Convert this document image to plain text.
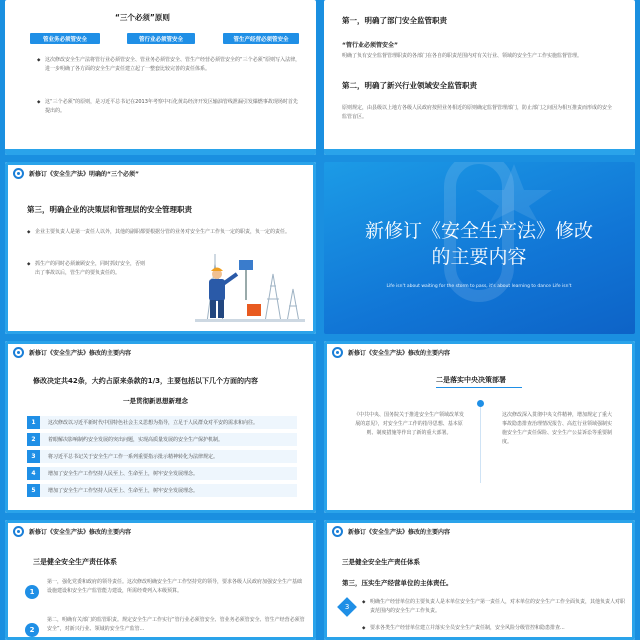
“三个必须”原则
管业务必须管安全	管行业必须管安全	管生产经营必须管安全
◆ 这次修改安全生产法将管行业必须管安全、管业务必须管安全、管生产经营必须管安全的“三个必须”原则写入法律，进一步明确了各方面的安全生产责任建立起了一整套比较完善的责任体系。
◆ 这“三个必须”的原则，是习近平总书记在2013年考察中石化黄岛经济开发区输油管线泄漏引发爆燃事故现场时首先提出的。
第一，明确了部门安全监管职责
“管行业必须管安全”
明确了负有安全监督管理职责的各部门在各自的职责范围内对有关行业、领域的安全生产工作实施监督管理。
第二，明确了新兴行业领域安全监管职责
原则规定，由县级以上地方各级人民政府按照业务相近的原则确定监督管理部门，防止部门之间因为相互推责而形成的安全监管盲区。
新修订《安全生产法》明确的“三个必须”
第三，明确企业的决策层和管理层的安全管理职责
◆ 企业主要负责人是第一责任人以外，其他的副职都要根据分管的业务对安全生产工作负一定的职责，负一定的责任。
◆ 抓生产的同时必须兼顾安全，同时抓好安全，否则出了事故以后，管生产的要负责任的。
新修订《安全生产法》修改
的主要内容
Life isn't about waiting for the storm to pass, it's about learning to dance Life isn't
新修订《安全生产法》修改的主要内容
修改决定共42条，大约占原来条款的1/3，主要包括以下几个方面的内容
一是贯彻新思想新理念
1	这次修改以习近平新时代中国特色社会主义思想为指导，立足于人民群众对平安的需求和向往。
2	着眼解决影响制约安全发展的突出问题，实现高质量发展的安全生产保护机制。
3	将习近平总书记关于安全生产工作一系列重要指示批示精神转化为法律规定。
4	增加了安全生产工作坚持人民至上、生命至上，树牢安全发展理念。
5	增加了安全生产工作坚持人民至上、生命至上，树牢安全发展理念。
新修订《安全生产法》修改的主要内容
二是落实中央决策部署
《中共中央、国务院关于推进安全生产领域改革发展的意见》，对安全生产工作的指导思想、基本原则、制度措施等作出了新的重大部署。
这次修改深入贯彻中央文件精神，增加规定了重大事故隐患排查治理情况报告、高危行业领域强制实施安全生产责任保险、安全生产公益诉讼等重要制度。
新修订《安全生产法》修改的主要内容
三是健全安全生产责任体系
1
第一，强化党委和政府的领导责任。这次修改明确安全生产工作坚持党的领导，要求各级人民政府加强安全生产基础设施建设和安全生产监管能力建设，所需经费列入本级预算。
2
第二，明确有关部门的监管职责。规定安全生产工作实行“管行业必须管安全、管业务必须管安全、管生产经营必须管安全”，对新兴行业、领域的安全生产监管...
新修订《安全生产法》修改的主要内容
三是健全安全生产责任体系
第三，压实生产经营单位的主体责任。
3
◆ 明确生产经营单位的主要负责人是本单位安全生产第一责任人，对本单位的安全生产工作全面负责，其他负责人对职责范围内的安全生产工作负责。
◆ 要求各类生产经营单位建立并落实全员安全生产责任制，安全风险分级管控和隐患排查...
